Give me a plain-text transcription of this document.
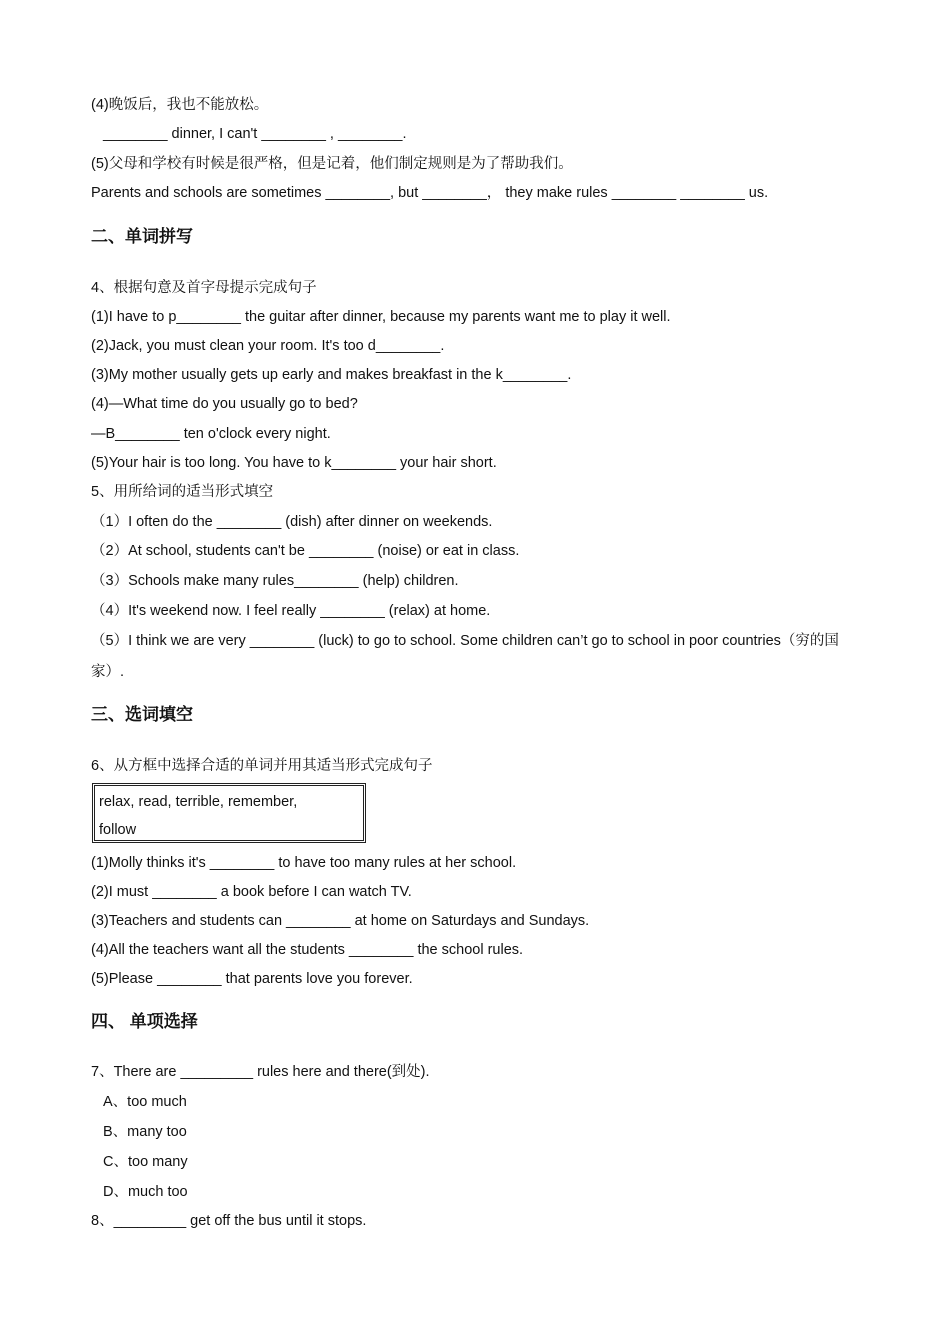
(4)晚饭后，我也不能放松。
________ dinner, I can't ________ , ________.
(5)父母和学校有时候是很严格，但是记着，他们制定规则是为了帮助我们。
Parents and schools are sometimes ________, but ________， they make rules ________ ________ us.
二、单词拼写
4、根据句意及首字母提示完成句子
(1)I have to p________ the guitar after dinner, because my parents want me to play it well.
(2)Jack, you must clean your room. It's too d________.
(3)My mother usually gets up early and makes breakfast in the k________.
(4)—What time do you usually go to bed?
—B________ ten o'clock every night.
(5)Your hair is too long. You have to k________ your hair short.
5、用所给词的适当形式填空
（1）I often do the ________ (dish) after dinner on weekends.
（2）At school, students can't be ________ (noise) or eat in class.
（3）Schools make many rules________ (help) children.
（4）It's weekend now. I feel really ________ (relax) at home.
（5）I think we are very ________ (luck) to go to school. Some children can’t go to school in poor countries（穷的国家）.
三、选词填空
6、从方框中选择合适的单词并用其适当形式完成句子
relax, read, terrible, remember,
follow
(1)Molly thinks it's ________ to have too many rules at her school.
(2)I must ________ a book before I can watch TV.
(3)Teachers and students can ________ at home on Saturdays and Sundays.
(4)All the teachers want all the students ________ the school rules.
(5)Please ________ that parents love you forever.
四、 单项选择
7、There are _________ rules here and there(到处).
A、too much
B、many too
C、too many
D、much too
8、_________ get off the bus until it stops.
